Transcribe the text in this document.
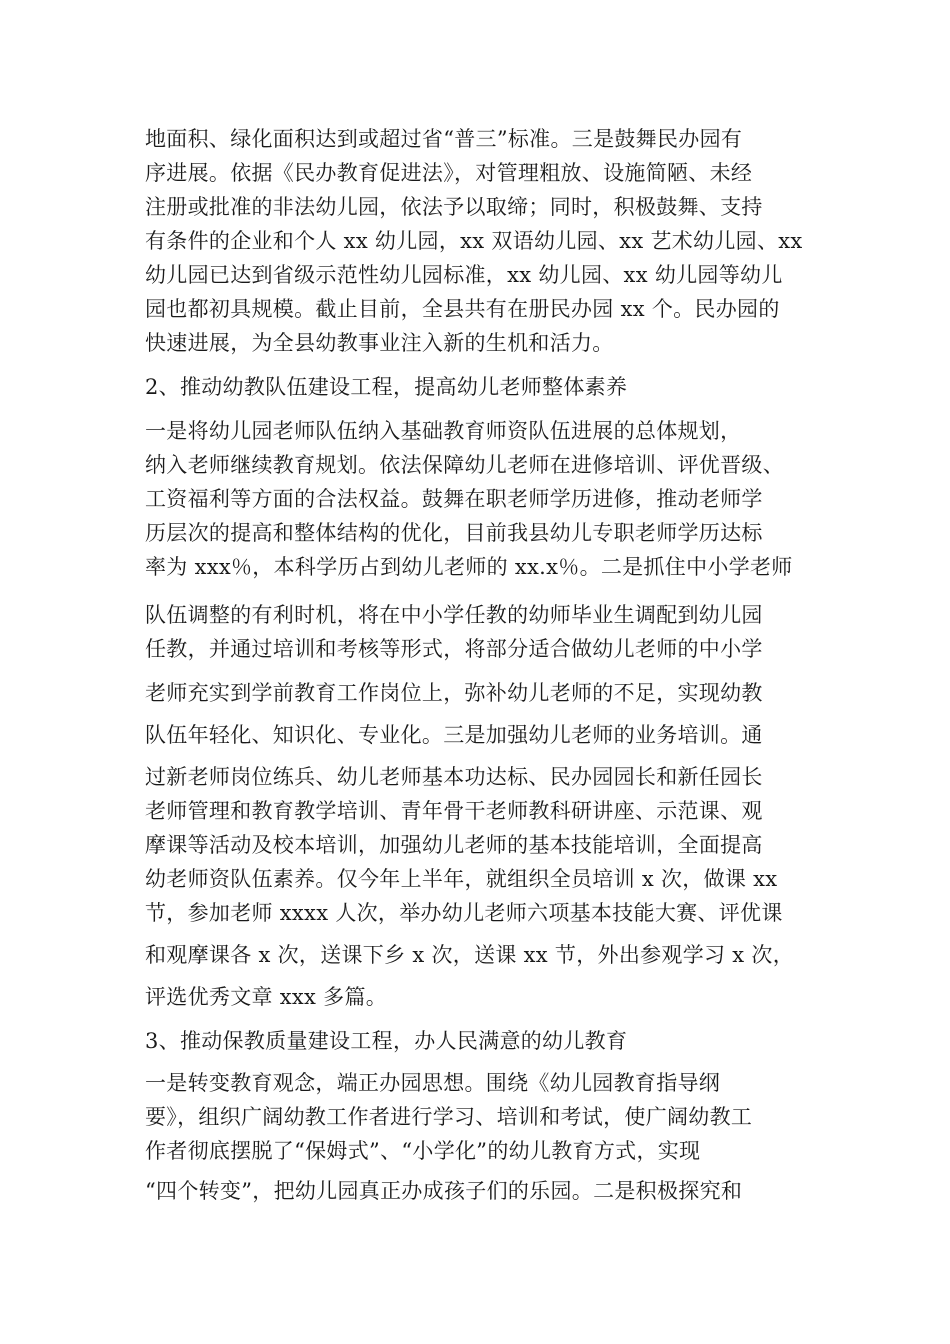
地面积、绿化面积达到或超过省“普三”标准。三是鼓舞民办园有

序进展。依据《民办教育促进法》，对管理粗放、设施简陋、未经

注册或批准的非法幼儿园，依法予以取缔；同时，积极鼓舞、支持

有条件的企业和个人 xx 幼儿园，xx 双语幼儿园、xx 艺术幼儿园、xx

幼儿园已达到省级示范性幼儿园标准，xx 幼儿园、xx 幼儿园等幼儿

园也都初具规模。截止目前，全县共有在册民办园 xx 个。民办园的

快速进展，为全县幼教事业注入新的生机和活力。

2、推动幼教队伍建设工程，提高幼儿老师整体素养

一是将幼儿园老师队伍纳入基础教育师资队伍进展的总体规划，

纳入老师继续教育规划。依法保障幼儿老师在进修培训、评优晋级、

工资福利等方面的合法权益。鼓舞在职老师学历进修，推动老师学

历层次的提高和整体结构的优化，目前我县幼儿专职老师学历达标

率为 xxx％，本科学历占到幼儿老师的 xx.x％。二是抓住中小学老师

队伍调整的有利时机，将在中小学任教的幼师毕业生调配到幼儿园

任教，并通过培训和考核等形式，将部分适合做幼儿老师的中小学

老师充实到学前教育工作岗位上，弥补幼儿老师的不足，实现幼教

队伍年轻化、知识化、专业化。三是加强幼儿老师的业务培训。通

过新老师岗位练兵、幼儿老师基本功达标、民办园园长和新任园长

老师管理和教育教学培训、青年骨干老师教科研讲座、示范课、观

摩课等活动及校本培训，加强幼儿老师的基本技能培训，全面提高

幼老师资队伍素养。仅今年上半年，就组织全员培训 x 次，做课 xx

节，参加老师 xxxx 人次，举办幼儿老师六项基本技能大赛、评优课

和观摩课各 x 次，送课下乡 x 次，送课 xx 节，外出参观学习 x 次，

评选优秀文章 xxx 多篇。

3、推动保教质量建设工程，办人民满意的幼儿教育

一是转变教育观念，端正办园思想。围绕《幼儿园教育指导纲

要》，组织广阔幼教工作者进行学习、培训和考试，使广阔幼教工

作者彻底摆脱了“保姆式”、“小学化”的幼儿教育方式，实现

“四个转变”，把幼儿园真正办成孩子们的乐园。二是积极探究和
